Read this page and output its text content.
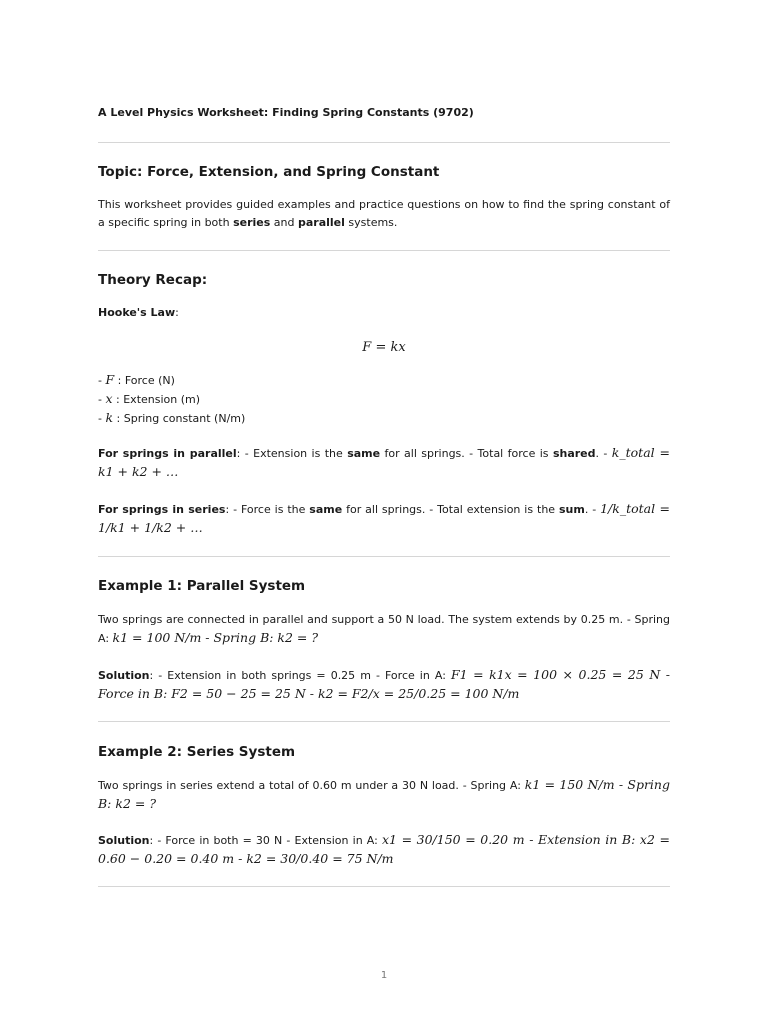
A Level Physics Worksheet: Finding Spring Constants (9702)
Topic: Force, Extension, and Spring Constant
This worksheet provides guided examples and practice questions on how to find the spring constant of a specific spring in both series and parallel systems.
Theory Recap:
Hooke's Law:
F = kx
- F : Force (N)
- x : Extension (m)
- k : Spring constant (N/m)
For springs in parallel: - Extension is the same for all springs. - Total force is shared. - k_total = k1 + k2 + …
For springs in series: - Force is the same for all springs. - Total extension is the sum. - 1/k_total = 1/k1 + 1/k2 + …
Example 1: Parallel System
Two springs are connected in parallel and support a 50 N load. The system extends by 0.25 m. - Spring A: k1 = 100 N/m - Spring B: k2 = ?
Solution: - Extension in both springs = 0.25 m - Force in A: F1 = k1x = 100 × 0.25 = 25 N - Force in B: F2 = 50 − 25 = 25 N - k2 = F2/x = 25/0.25 = 100 N/m
Example 2: Series System
Two springs in series extend a total of 0.60 m under a 30 N load. - Spring A: k1 = 150 N/m - Spring B: k2 = ?
Solution: - Force in both = 30 N - Extension in A: x1 = 30/150 = 0.20 m - Extension in B: x2 = 0.60 − 0.20 = 0.40 m - k2 = 30/0.40 = 75 N/m
1
